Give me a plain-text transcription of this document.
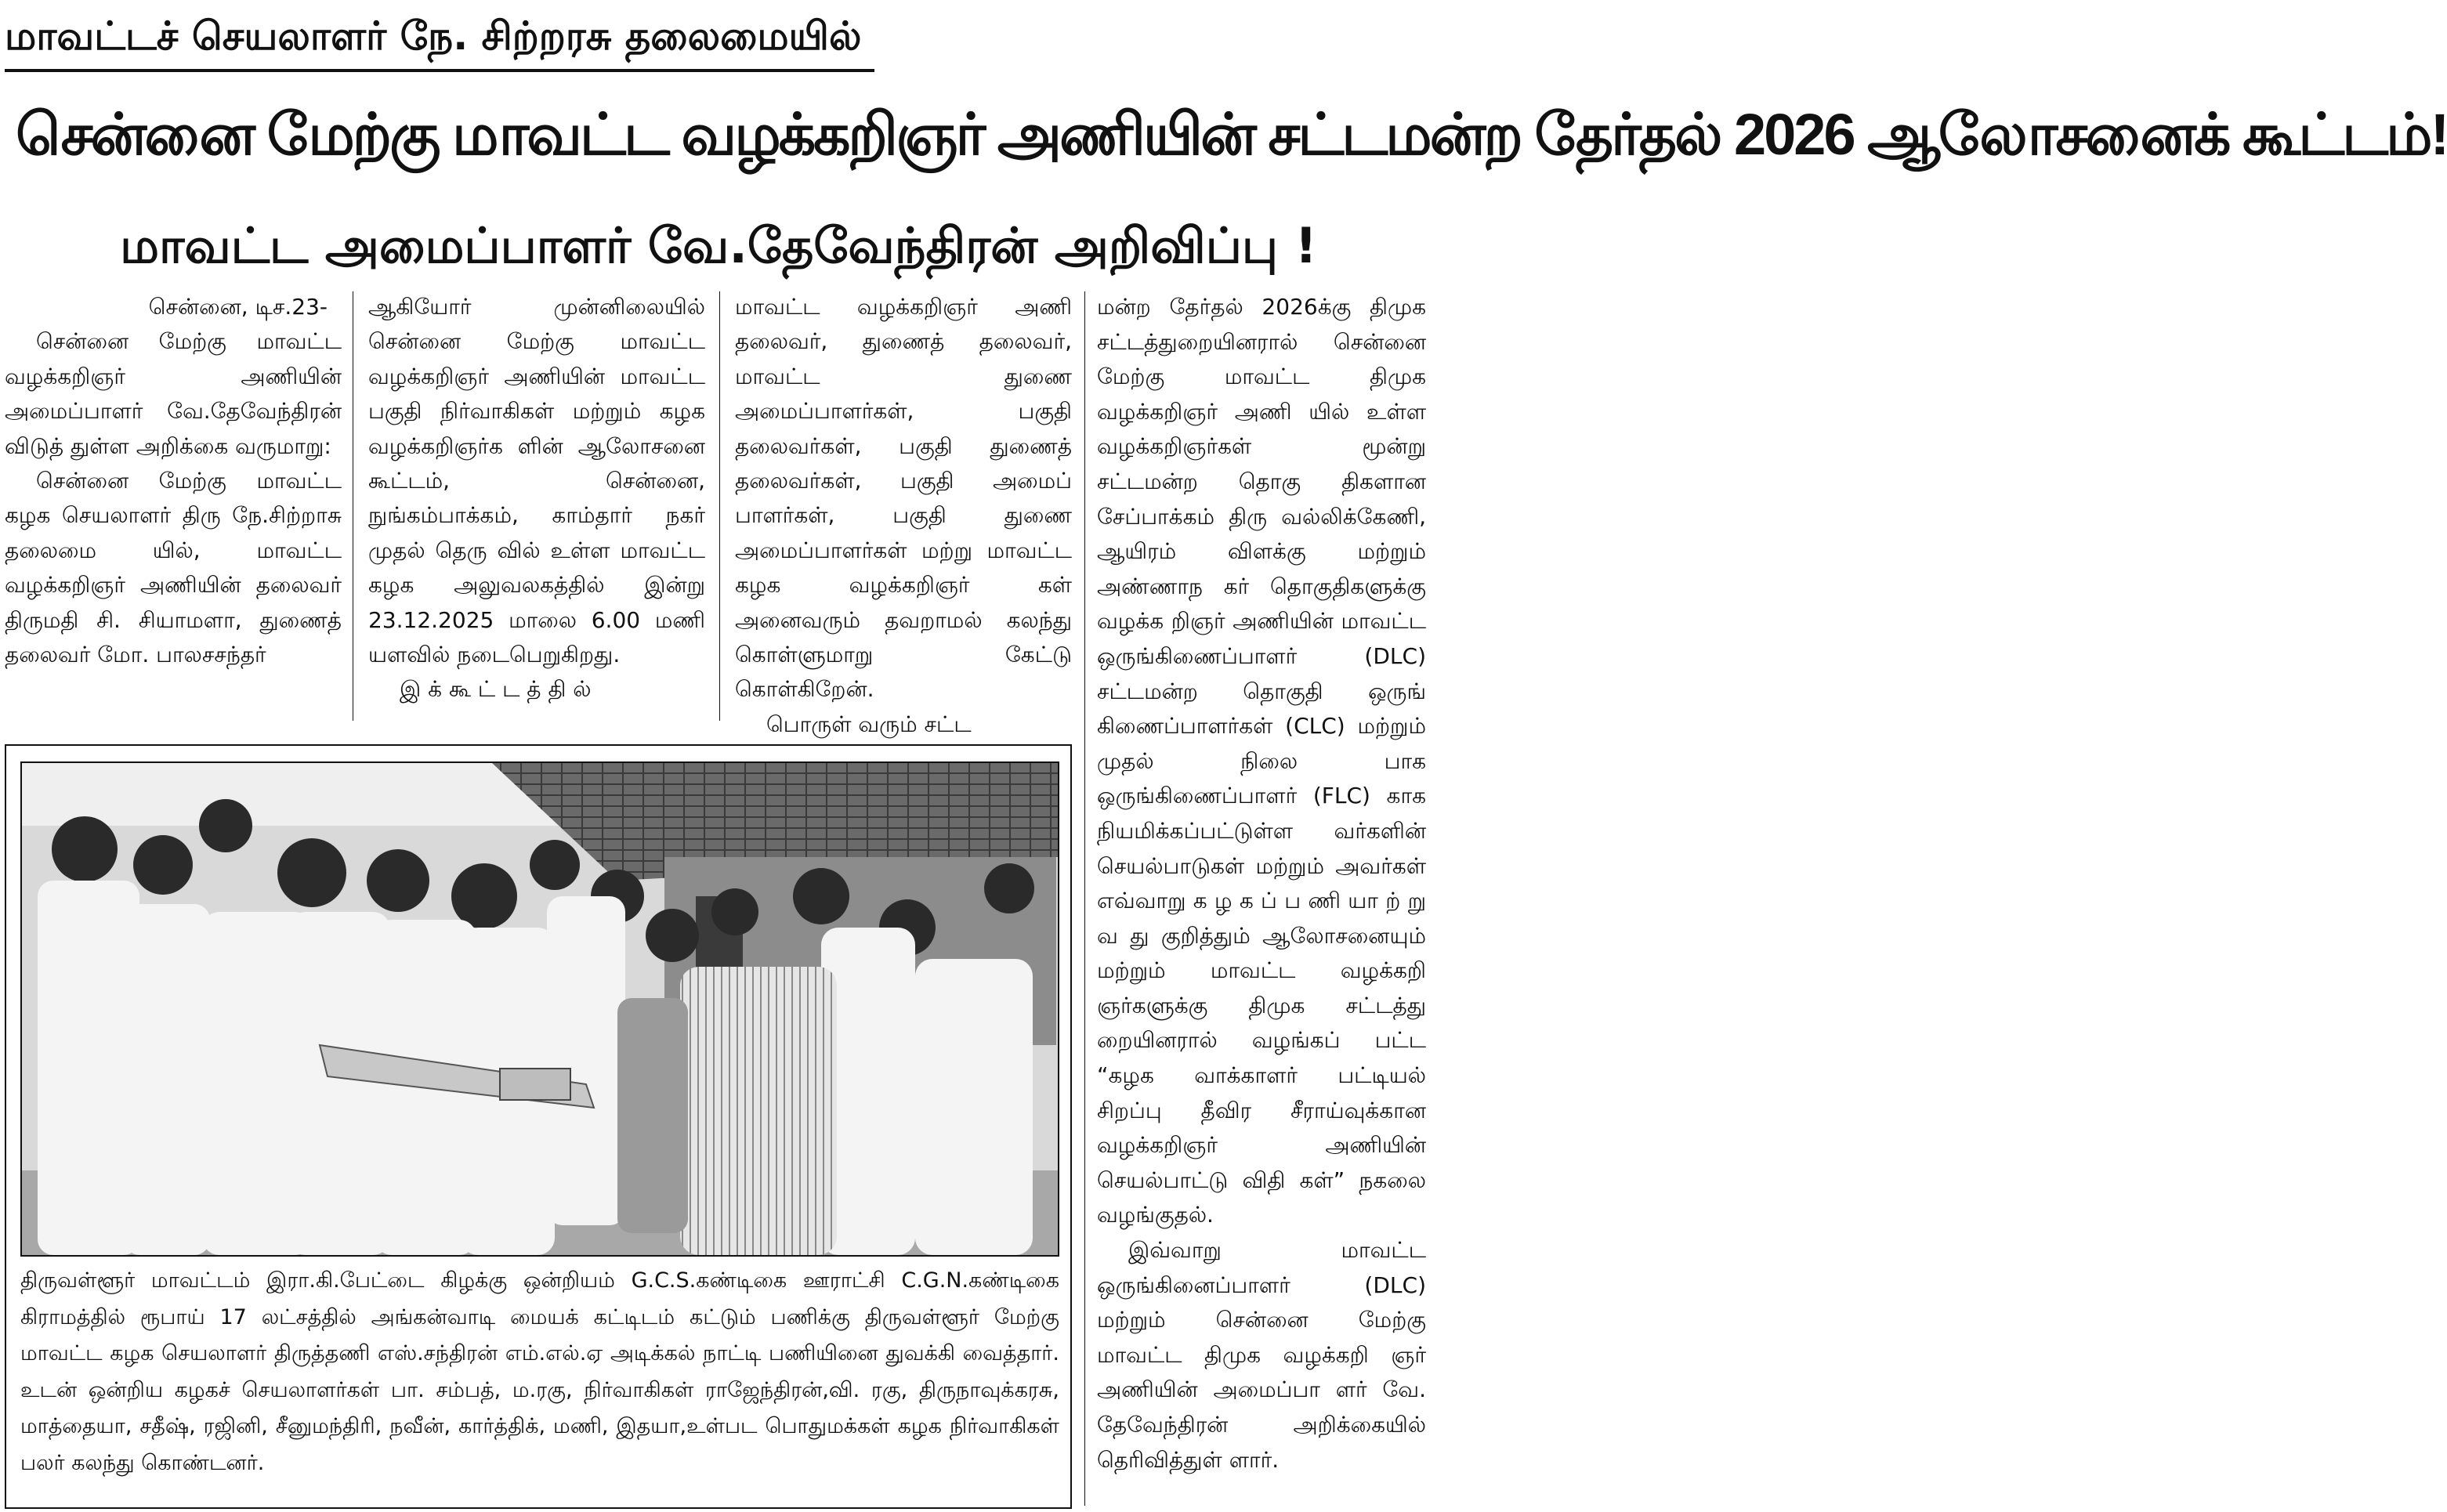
மாவட்டச் செயலாளர் நே. சிற்றரசு தலைமையில்
சென்னை மேற்கு மாவட்ட வழக்கறிஞர் அணியின் சட்டமன்ற தேர்தல் 2026 ஆலோசனைக் கூட்டம்!
மாவட்ட அமைப்பாளர் வே.தேவேந்திரன் அறிவிப்பு !

சென்னை, டிச.23-

சென்னை மேற்கு மாவட்ட வழக்கறிஞர் அணியின் அமைப்பாளர் வே.தேவேந்திரன் விடுத் துள்ள அறிக்கை வருமாறு:

சென்னை மேற்கு மாவட்ட கழக செயலாளர் திரு நே.சிற்றாசு தலைமை யில், மாவட்ட வழக்கறிஞர் அணியின் தலைவர் திருமதி சி. சியாமளா, துணைத் தலைவர் மோ. பாலசசந்தர்

ஆகியோர் முன்னிலையில் சென்னை மேற்கு மாவட்ட வழக்கறிஞர் அணியின் மாவட்ட பகுதி நிர்வாகிகள் மற்றும் கழக வழக்கறிஞர்க ளின் ஆலோசனை கூட்டம், சென்னை, நுங்கம்பாக்கம், காம்தார் நகர் முதல் தெரு வில் உள்ள மாவட்ட கழக அலுவலகத்தில் இன்று 23.12.2025 மாலை 6.00 மணி யளவில் நடைபெறுகிறது.

இ க் கூ ட் ட த் தி ல்

மாவட்ட வழக்கறிஞர் அணி தலைவர், துணைத் தலைவர், மாவட்ட துணை அமைப்பாளர்கள், பகுதி தலைவர்கள், பகுதி துணைத் தலைவர்கள், பகுதி அமைப் பாளர்கள், பகுதி துணை அமைப்பாளர்கள் மற்று மாவட்ட கழக வழக்கறிஞர் கள் அனைவரும் தவறாமல் கலந்து கொள்ளுமாறு கேட்டு கொள்கிறேன்.

பொருள் வரும் சட்ட

மன்ற தேர்தல் 2026க்கு திமுக சட்டத்துறையினரால் சென்னை மேற்கு மாவட்ட திமுக வழக்கறிஞர் அணி யில் உள்ள வழக்கறிஞர்கள் மூன்று சட்டமன்ற தொகு திகளான சேப்பாக்கம் திரு வல்லிக்கேணி, ஆயிரம் விளக்கு மற்றும் அண்ணாந கர் தொகுதிகளுக்கு வழக்க றிஞர் அணியின் மாவட்ட ஒருங்கிணைப்பாளர் (DLC) சட்டமன்ற தொகுதி ஒருங் கிணைப்பாளர்கள் (CLC) மற்றும் முதல் நிலை பாக ஒருங்கிணைப்பாளர் (FLC) காக நியமிக்கப்பட்டுள்ள வர்களின் செயல்பாடுகள் மற்றும் அவர்கள் எவ்வாறு க ழ க ப் ப ணி யா ற் று வ து குறித்தும் ஆலோசனையும் மற்றும் மாவட்ட வழக்கறி ஞர்களுக்கு திமுக சட்டத்து றையினரால் வழங்கப் பட்ட “கழக வாக்காளர் பட்டியல் சிறப்பு தீவிர சீராய்வுக்கான வழக்கறிஞர் அணியின் செயல்பாட்டு விதி கள்” நகலை வழங்குதல்.

இவ்வாறு மாவட்ட ஒருங்கினைப்பாளர் (DLC) மற்றும் சென்னை மேற்கு மாவட்ட திமுக வழக்கறி ஞர் அணியின் அமைப்பா ளர் வே. தேவேந்திரன் அறிக்கையில் தெரிவித்துள் ளார்.

திருவள்ளூர் மாவட்டம் இரா.கி.பேட்டை கிழக்கு ஒன்றியம் G.C.S.கண்டிகை ஊராட்சி C.G.N.கண்டிகை கிராமத்தில் ரூபாய் 17 லட்சத்தில் அங்கன்வாடி மையக் கட்டிடம் கட்டும் பணிக்கு திருவள்ளூர் மேற்கு மாவட்ட கழக செயலாளர் திருத்தணி எஸ்.சந்திரன் எம்.எல்.ஏ அடிக்கல் நாட்டி பணியினை துவக்கி வைத்தார். உடன் ஒன்றிய கழகச் செயலாளர்கள் பா. சம்பத், ம.ரகு, நிர்வாகிகள் ராஜேந்திரன்,வி. ரகு, திருநாவுக்கரசு, மாத்தையா, சதீஷ், ரஜினி, சீனுமந்திரி, நவீன், கார்த்திக், மணி, இதயா,உள்பட பொதுமக்கள் கழக நிர்வாகிகள் பலர் கலந்து கொண்டனர்.
